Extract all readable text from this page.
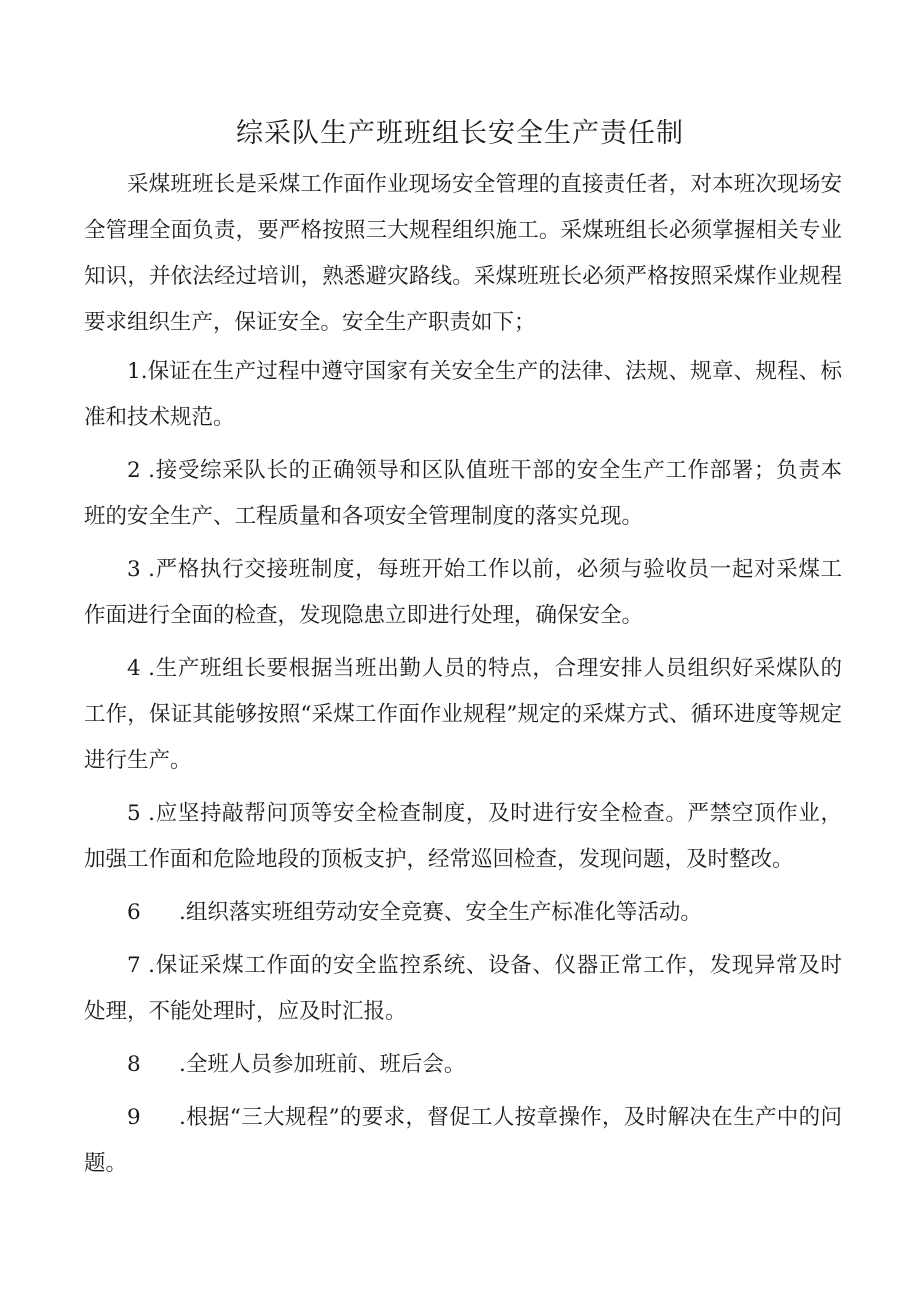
综采队生产班班组长安全生产责任制

采煤班班长是采煤工作面作业现场安全管理的直接责任者，对本班次现场安全管理全面负责，要严格按照三大规程组织施工。采煤班组长必须掌握相关专业知识，并依法经过培训，熟悉避灾路线。采煤班班长必须严格按照采煤作业规程要求组织生产，保证安全。安全生产职责如下；

1.保证在生产过程中遵守国家有关安全生产的法律、法规、规章、规程、标准和技术规范。

2 .接受综采队长的正确领导和区队值班干部的安全生产工作部署；负责本班的安全生产、工程质量和各项安全管理制度的落实兑现。

3 .严格执行交接班制度，每班开始工作以前，必须与验收员一起对采煤工作面进行全面的检查，发现隐患立即进行处理，确保安全。

4 .生产班组长要根据当班出勤人员的特点，合理安排人员组织好采煤队的工作，保证其能够按照“采煤工作面作业规程”规定的采煤方式、循环进度等规定进行生产。

5 .应坚持敲帮问顶等安全检查制度，及时进行安全检查。严禁空顶作业，加强工作面和危险地段的顶板支护，经常巡回检查，发现问题，及时整改。

6 .组织落实班组劳动安全竞赛、安全生产标准化等活动。

7 .保证采煤工作面的安全监控系统、设备、仪器正常工作，发现异常及时处理，不能处理时，应及时汇报。

8 .全班人员参加班前、班后会。

9 .根据“三大规程”的要求，督促工人按章操作，及时解决在生产中的问题。
